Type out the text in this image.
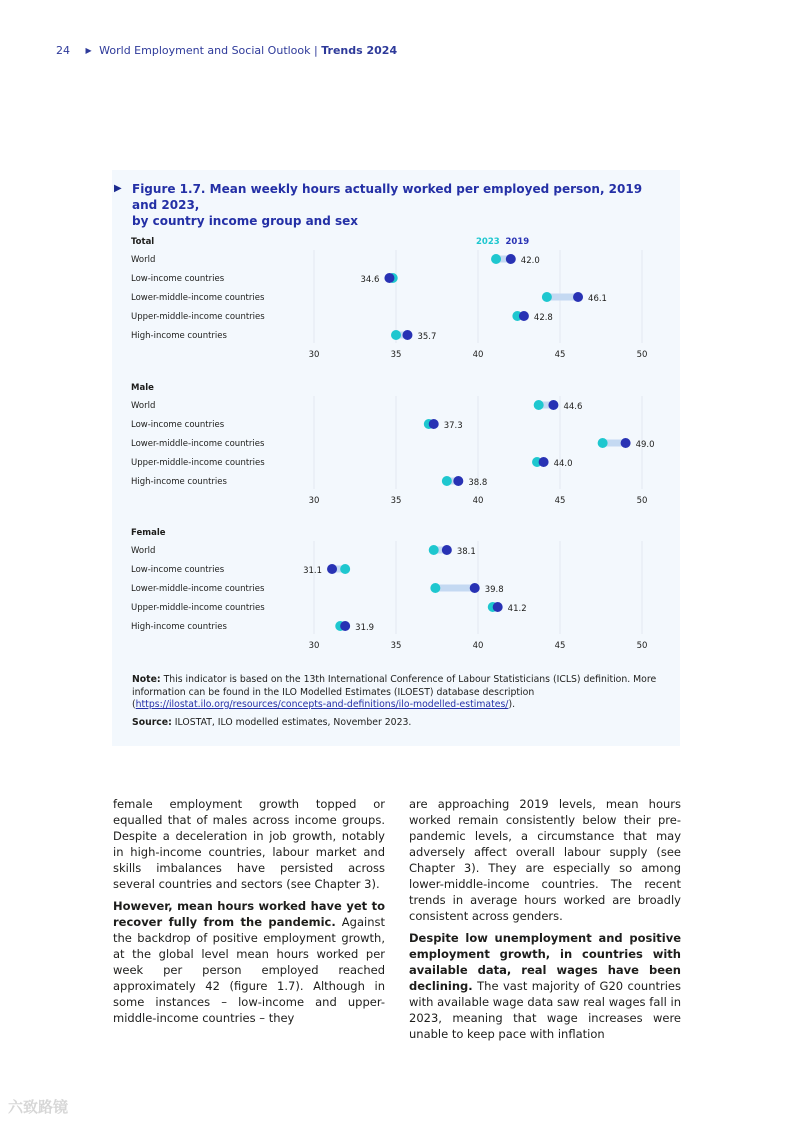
24 ▶ World Employment and Social Outlook | Trends 2024
▶ Figure 1.7. Mean weekly hours actually worked per employed person, 2019 and 2023,
by country income group and sex
2023 2019
Total
30	35	40	45	50
World	42.0
Low-income countries	34.6
Lower-middle-income countries	46.1
Upper-middle-income countries	42.8
High-income countries	35.7
Male
30	35	40	45	50
World	44.6
Low-income countries	37.3
Lower-middle-income countries	49.0
Upper-middle-income countries	44.0
High-income countries	38.8
Female
30	35	40	45	50
World	38.1
Low-income countries	31.1
Lower-middle-income countries	39.8
Upper-middle-income countries	41.2
High-income countries	31.9
Note: This indicator is based on the 13th International Conference of Labour Statisticians (ICLS) definition. More information can be found in the ILO Modelled Estimates (ILOEST) database description (https://ilostat.ilo.org/resources/concepts-and-definitions/ilo-modelled-estimates/).
Source: ILOSTAT, ILO modelled estimates, November 2023.

female employment growth topped or equalled that of males across income groups. Despite a deceleration in job growth, notably in high-income countries, labour market and skills imbalances have persisted across several countries and sectors (see Chapter 3).

However, mean hours worked have yet to recover fully from the pandemic. Against the backdrop of positive employment growth, at the global level mean hours worked per week per person employed reached approximately 42 (figure 1.7). Although in some instances – low-income and upper-middle-income countries – they

are approaching 2019 levels, mean hours worked remain consistently below their pre-pandemic levels, a circumstance that may adversely affect overall labour supply (see Chapter 3). They are especially so among lower-middle-income countries. The recent trends in average hours worked are broadly consistent across genders.

Despite low unemployment and positive employment growth, in countries with available data, real wages have been declining. The vast majority of G20 countries with available wage data saw real wages fall in 2023, meaning that wage increases were unable to keep pace with inflation

六致路镜
